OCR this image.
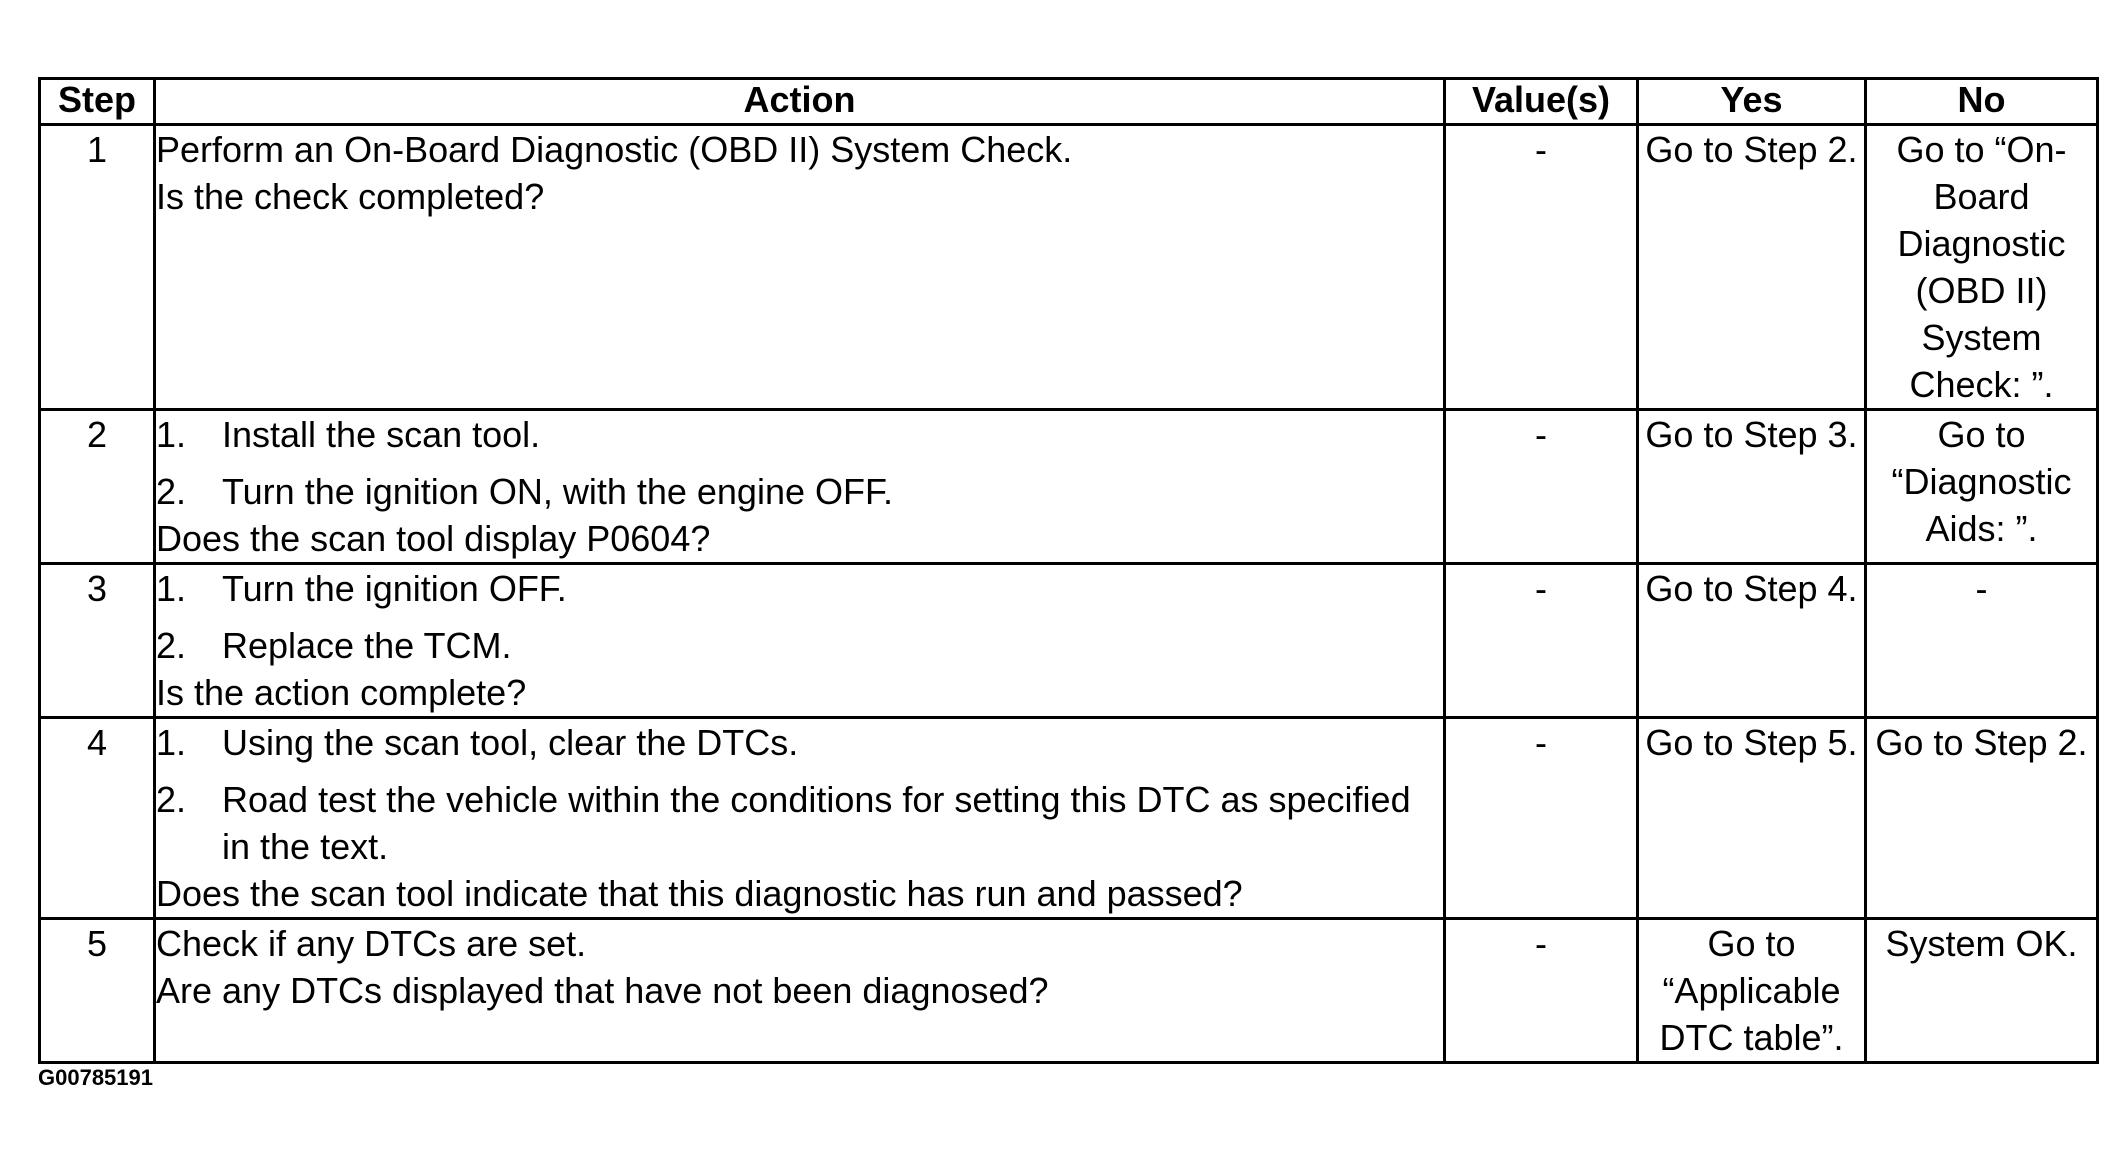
Step	Action	Value(s)	Yes	No
1	Perform an On-Board Diagnostic (OBD II) System Check.
Is the check completed?	-	Go to Step 2.	Go to “On-Board Diagnostic (OBD II) System Check: ”.
2	1. Install the scan tool.
2. Turn the ignition ON, with the engine OFF.
Does the scan tool display P0604?	-	Go to Step 3.	Go to “Diagnostic Aids: ”.
3	1. Turn the ignition OFF.
2. Replace the TCM.
Is the action complete?	-	Go to Step 4.	-
4	1. Using the scan tool, clear the DTCs.
2. Road test the vehicle within the conditions for setting this DTC as specified in the text.
Does the scan tool indicate that this diagnostic has run and passed?	-	Go to Step 5.	Go to Step 2.
5	Check if any DTCs are set.
Are any DTCs displayed that have not been diagnosed?	-	Go to “Applicable DTC table”.	System OK.
G00785191
